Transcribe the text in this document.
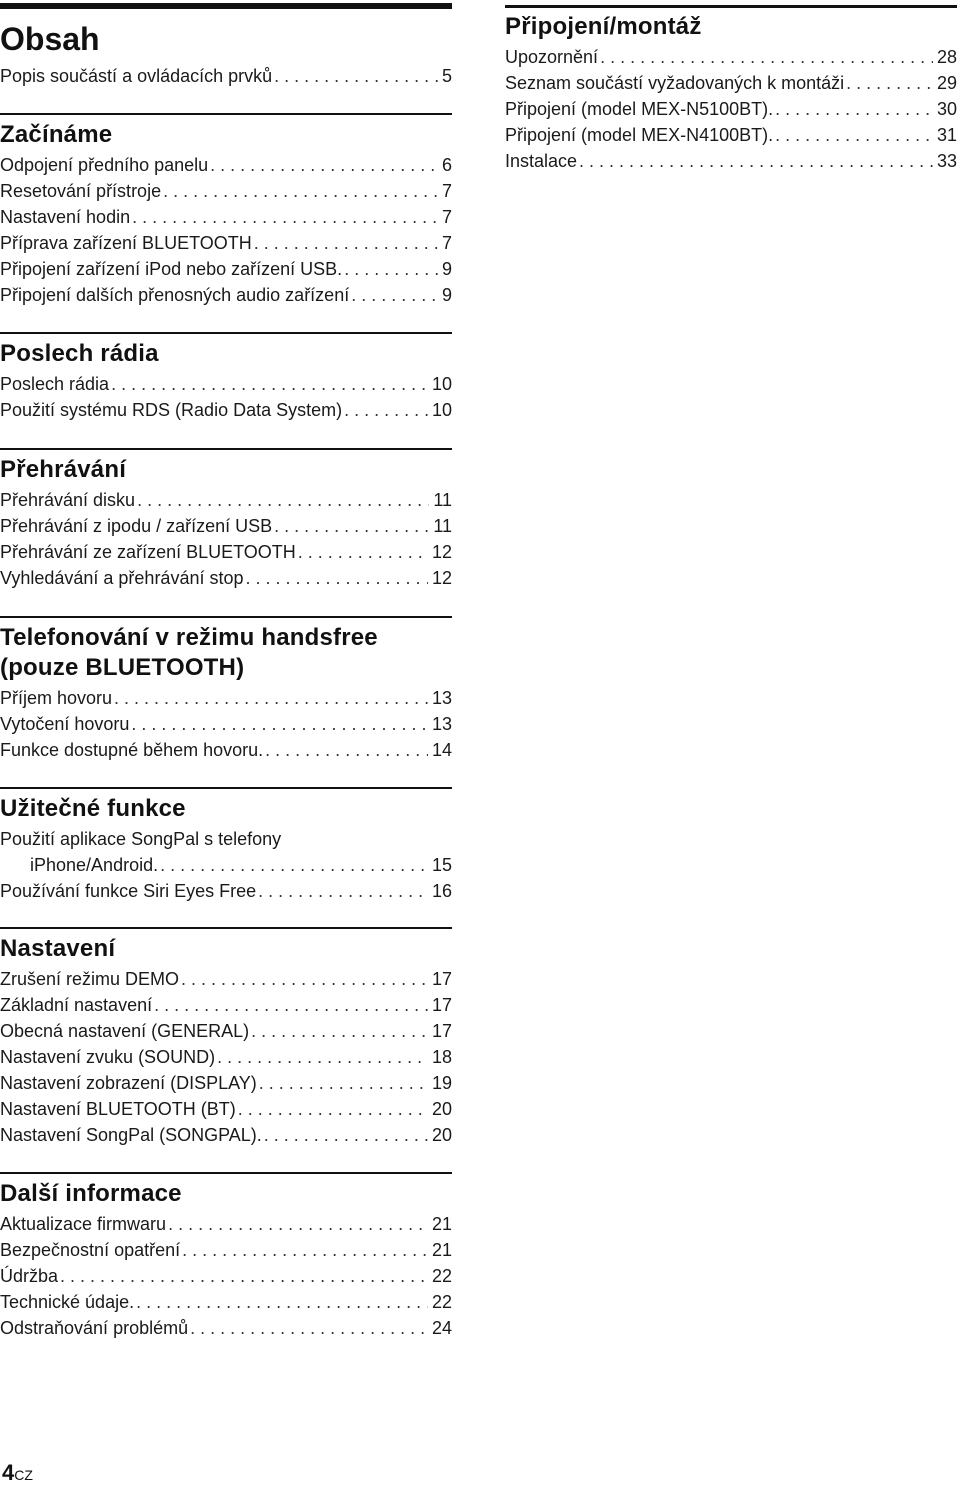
Obsah
Popis součástí a ovládacích prvků . . .	5
Začínáme
Odpojení předního panelu . . .	6
Resetování přístroje . . .	7
Nastavení hodin . . .	7
Příprava zařízení BLUETOOTH . . .	7
Připojení zařízení iPod nebo zařízení USB. . . .	9
Připojení dalších přenosných audio zařízení . . .	9
Poslech rádia
Poslech rádia . . .	10
Použití systému RDS (Radio Data System) . . .	10
Přehrávání
Přehrávání disku . . .	11
Přehrávání z ipodu / zařízení USB . . .	11
Přehrávání ze zařízení BLUETOOTH . . .	12
Vyhledávání a přehrávání stop . . .	12
Telefonování v režimu handsfree
(pouze BLUETOOTH)
Příjem hovoru . . .	13
Vytočení hovoru . . .	13
Funkce dostupné během hovoru. . . .	14
Užitečné funkce
Použití aplikace SongPal s telefony
iPhone/Android. . . .	15
Používání funkce Siri Eyes Free . . .	16
Nastavení
Zrušení režimu DEMO . . .	17
Základní nastavení . . .	17
Obecná nastavení (GENERAL) . . .	17
Nastavení zvuku (SOUND) . . .	18
Nastavení zobrazení (DISPLAY) . . .	19
Nastavení BLUETOOTH (BT) . . .	20
Nastavení SongPal (SONGPAL). . . .	20
Další informace
Aktualizace firmwaru . . .	21
Bezpečnostní opatření . . .	21
Údržba . . .	22
Technické údaje. . . .	22
Odstraňování problémů . . .	24
Připojení/montáž
Upozornění . . .	28
Seznam součástí vyžadovaných k montáži . . .	29
Připojení (model MEX-N5100BT). . . .	30
Připojení (model MEX-N4100BT). . . .	31
Instalace . . .	33
4CZ
